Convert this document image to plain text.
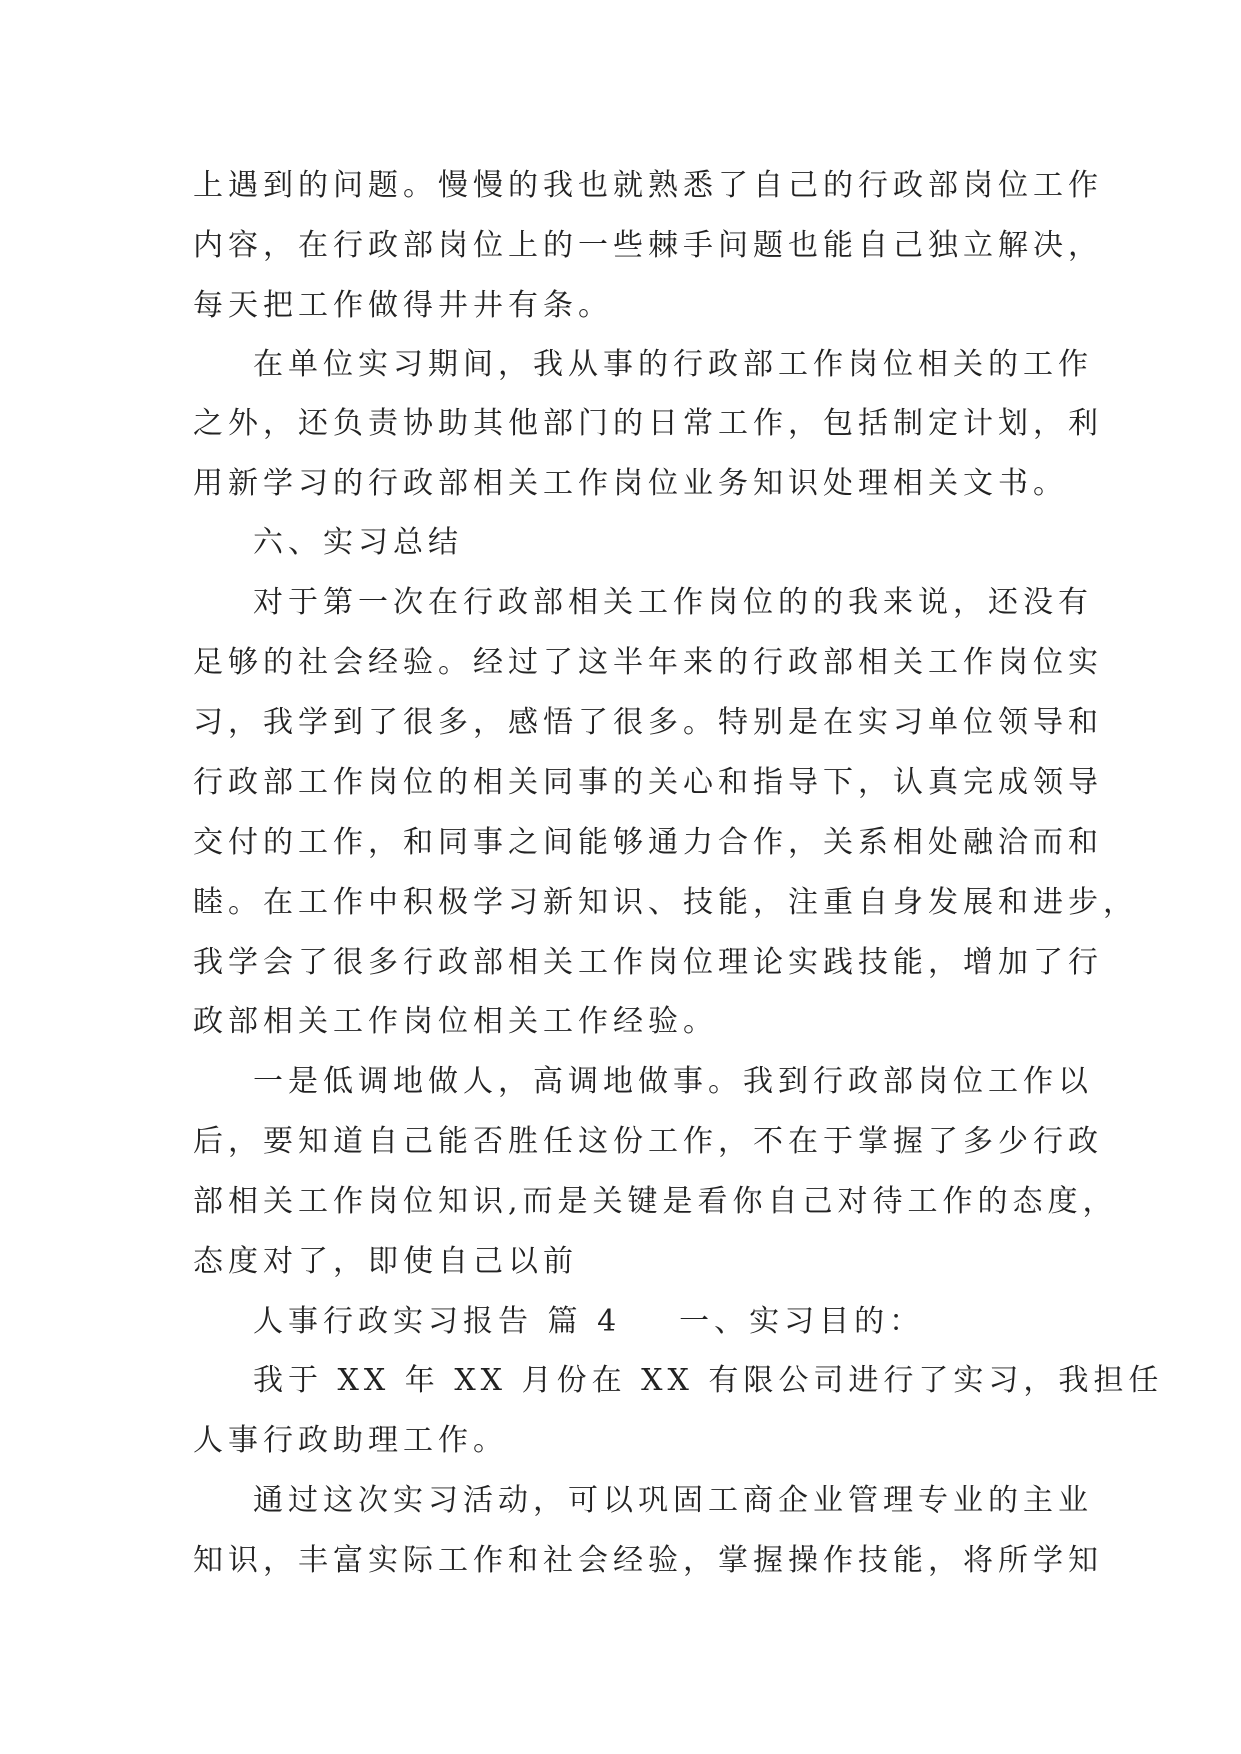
上遇到的问题。慢慢的我也就熟悉了自己的行政部岗位工作
内容，在行政部岗位上的一些棘手问题也能自己独立解决，
每天把工作做得井井有条。
在单位实习期间，我从事的行政部工作岗位相关的工作
之外，还负责协助其他部门的日常工作，包括制定计划，利
用新学习的行政部相关工作岗位业务知识处理相关文书。
六、实习总结
对于第一次在行政部相关工作岗位的的我来说，还没有
足够的社会经验。经过了这半年来的行政部相关工作岗位实
习，我学到了很多，感悟了很多。特别是在实习单位领导和
行政部工作岗位的相关同事的关心和指导下，认真完成领导
交付的工作，和同事之间能够通力合作，关系相处融洽而和
睦。在工作中积极学习新知识、技能，注重自身发展和进步，
我学会了很多行政部相关工作岗位理论实践技能，增加了行
政部相关工作岗位相关工作经验。
一是低调地做人，高调地做事。我到行政部岗位工作以
后，要知道自己能否胜任这份工作，不在于掌握了多少行政
部相关工作岗位知识,而是关键是看你自己对待工作的态度，
态度对了，即使自己以前
人事行政实习报告 篇 4 一、实习目的：
我于 XX 年 XX 月份在 XX 有限公司进行了实习，我担任
人事行政助理工作。
通过这次实习活动，可以巩固工商企业管理专业的主业
知识，丰富实际工作和社会经验，掌握操作技能，将所学知
